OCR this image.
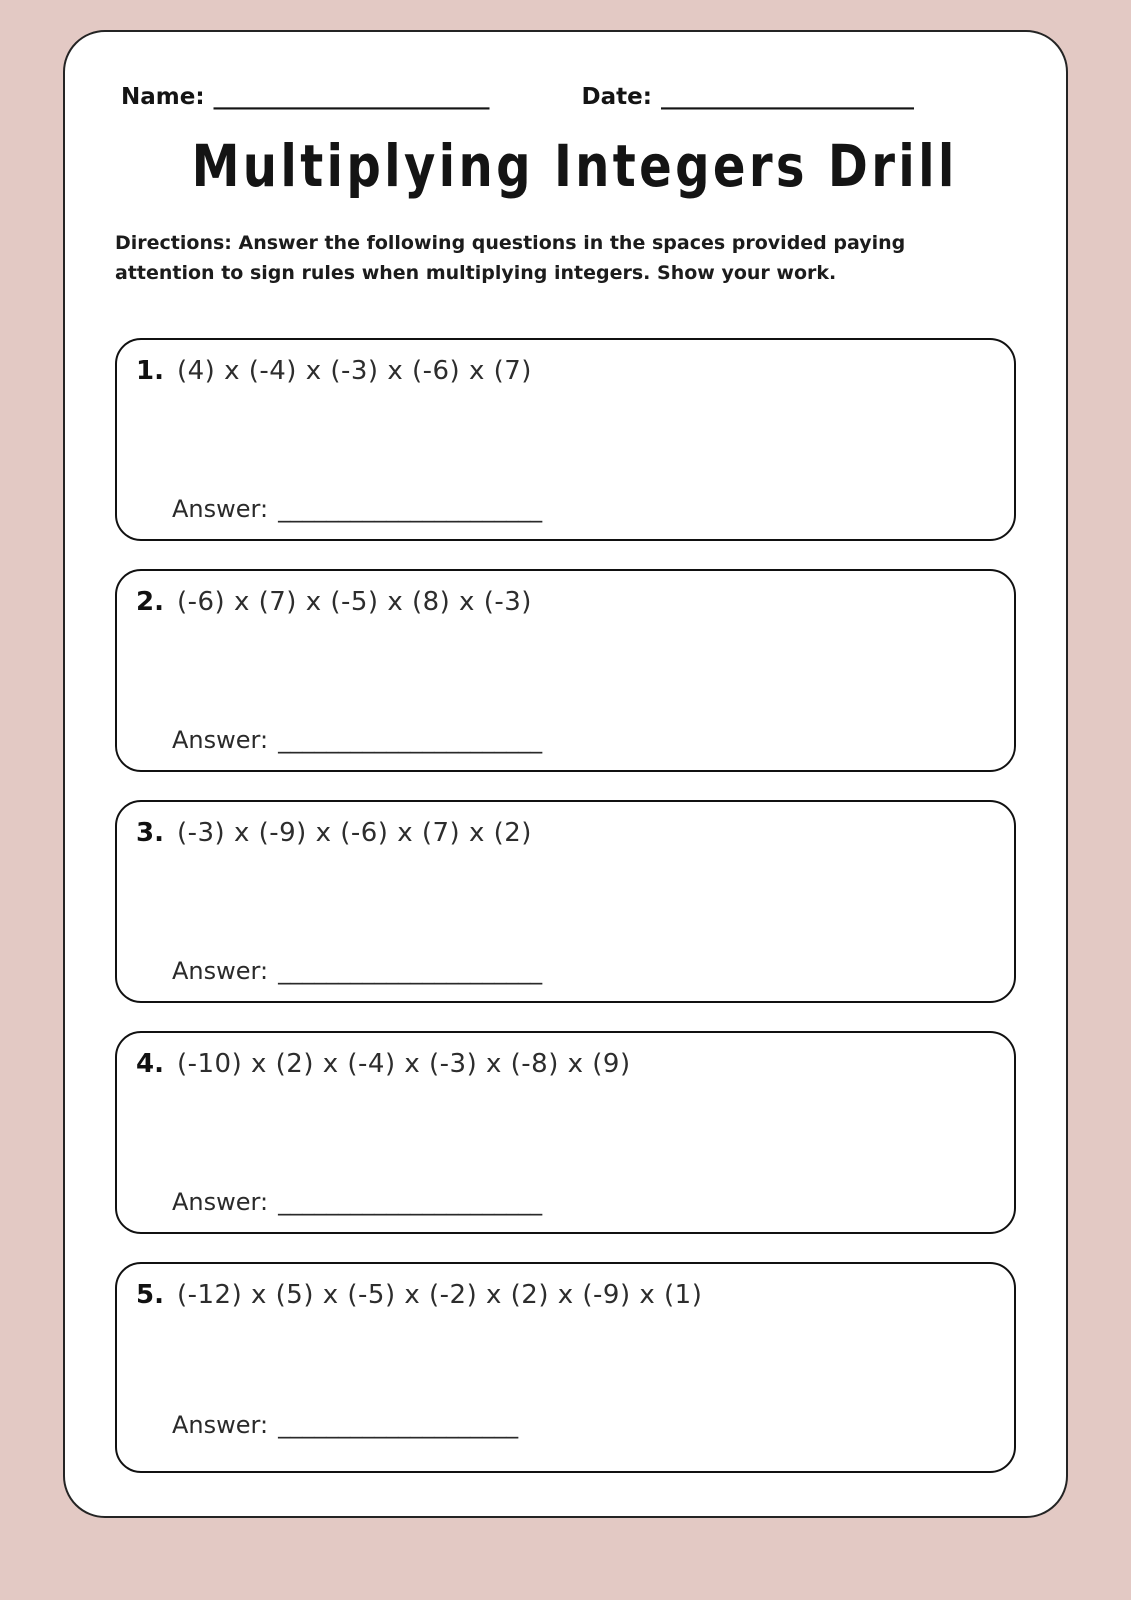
Name: ________________________	Date: ______________________
Multiplying Integers Drill
Directions: Answer the following questions in the spaces provided paying attention to sign rules when multiplying integers. Show your work.
1. (4) x (-4) x (-3) x (-6) x (7)
Answer: ______________________
2. (-6) x (7) x (-5) x (8) x (-3)
Answer: ______________________
3. (-3) x (-9) x (-6) x (7) x (2)
Answer: ______________________
4. (-10) x (2) x (-4) x (-3) x (-8) x (9)
Answer: ______________________
5. (-12) x (5) x (-5) x (-2) x (2) x (-9) x (1)
Answer: ____________________
